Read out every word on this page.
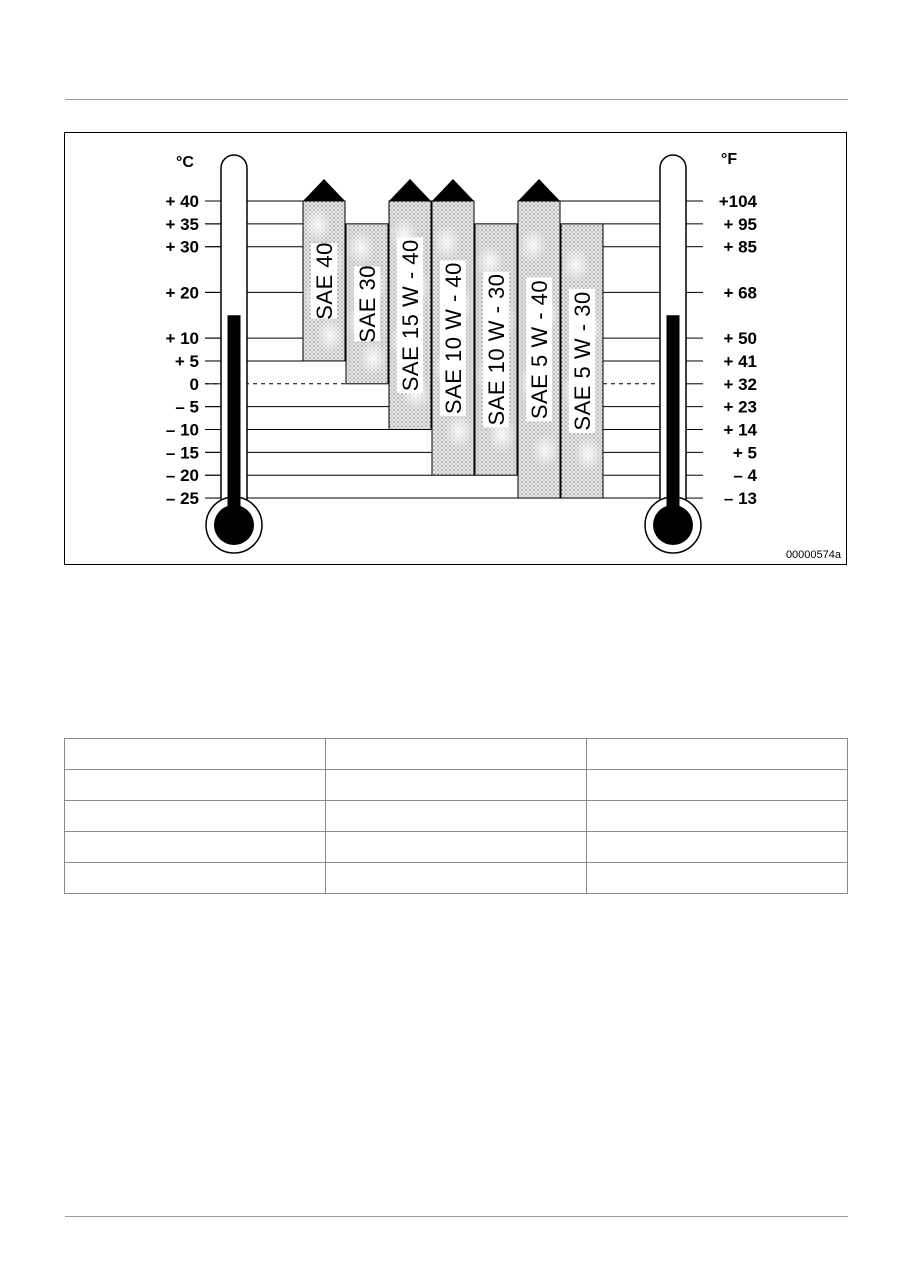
SAE 40 SAE 30 SAE 15 W - 40 SAE 10 W - 40 SAE 10 W - 30 SAE 5 W - 40 SAE 5 W - 30
°C	°F
+ 40
+ 35
+ 30
+ 20
+ 10
+ 5
0
– 5
– 10
– 15
– 20
– 25
+104
+ 95
+ 85
+ 68
+ 50
+ 41
+ 32
+ 23
+ 14
+ 5
– 4
– 13
00000574a
